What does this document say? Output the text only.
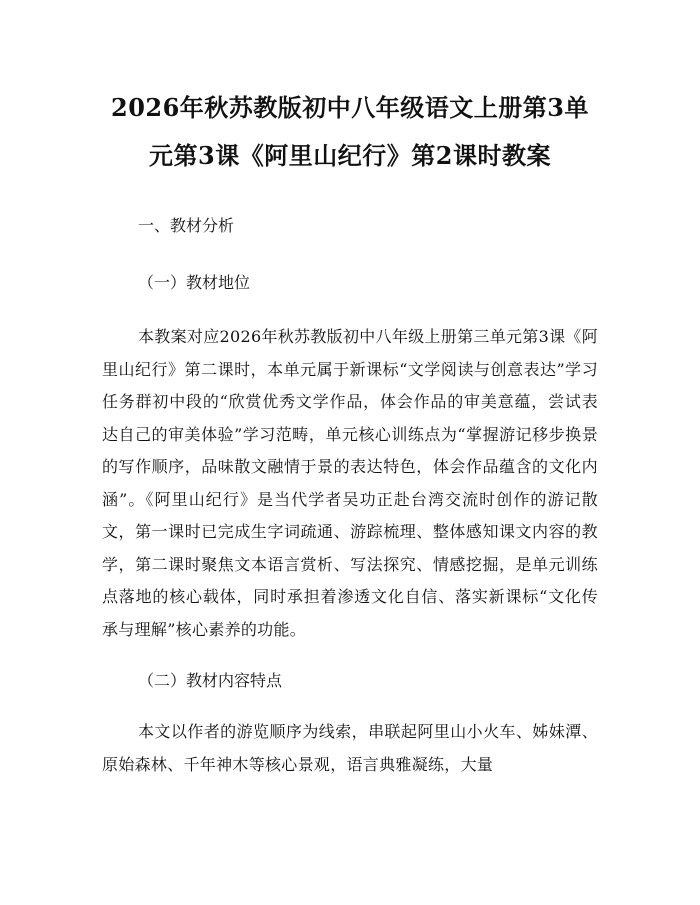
2026年秋苏教版初中八年级语文上册第3单元第3课《阿里山纪行》第2课时教案

一、教材分析

（一）教材地位

本教案对应2026年秋苏教版初中八年级上册第三单元第3课《阿里山纪行》第二课时，本单元属于新课标“文学阅读与创意表达”学习任务群初中段的“欣赏优秀文学作品，体会作品的审美意蕴，尝试表达自己的审美体验”学习范畴，单元核心训练点为“掌握游记移步换景的写作顺序，品味散文融情于景的表达特色，体会作品蕴含的文化内涵”。《阿里山纪行》是当代学者吴功正赴台湾交流时创作的游记散文，第一课时已完成生字词疏通、游踪梳理、整体感知课文内容的教学，第二课时聚焦文本语言赏析、写法探究、情感挖掘，是单元训练点落地的核心载体，同时承担着渗透文化自信、落实新课标“文化传承与理解”核心素养的功能。

（二）教材内容特点

本文以作者的游览顺序为线索，串联起阿里山小火车、姊妹潭、原始森林、千年神木等核心景观，语言典雅凝练，大量
